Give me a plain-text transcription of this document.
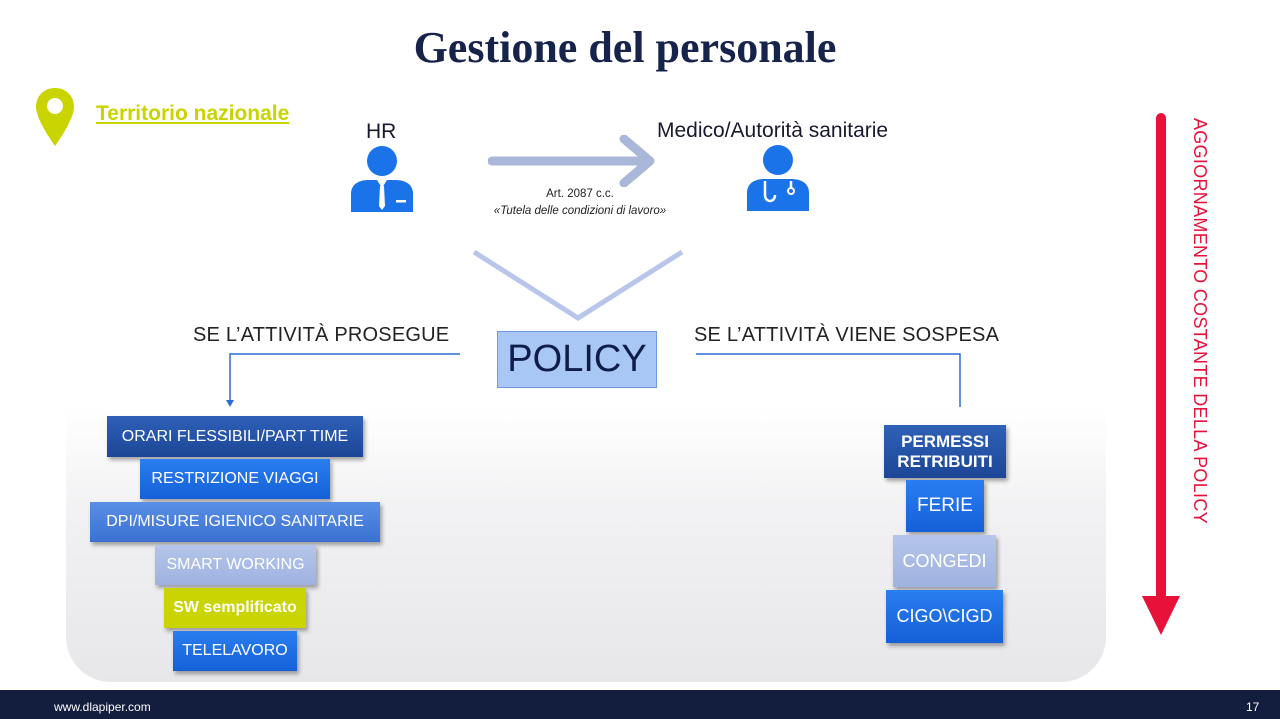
Gestione del personale
Territorio nazionale
HR	Medico/Autorità sanitarie
Art. 2087 c.c.
«Tutela delle condizioni di lavoro»
SE L’ATTIVITÀ PROSEGUE	SE L’ATTIVITÀ VIENE SOSPESA
POLICY
ORARI FLESSIBILI/PART TIME
RESTRIZIONE VIAGGI
DPI/MISURE IGIENICO SANITARIE
SMART WORKING
SW semplificato
TELELAVORO
PERMESSI RETRIBUITI
FERIE
CONGEDI
CIGO\CIGD
AGGIORNAMENTO COSTANTE DELLA POLICY
www.dlapiper.com	17
